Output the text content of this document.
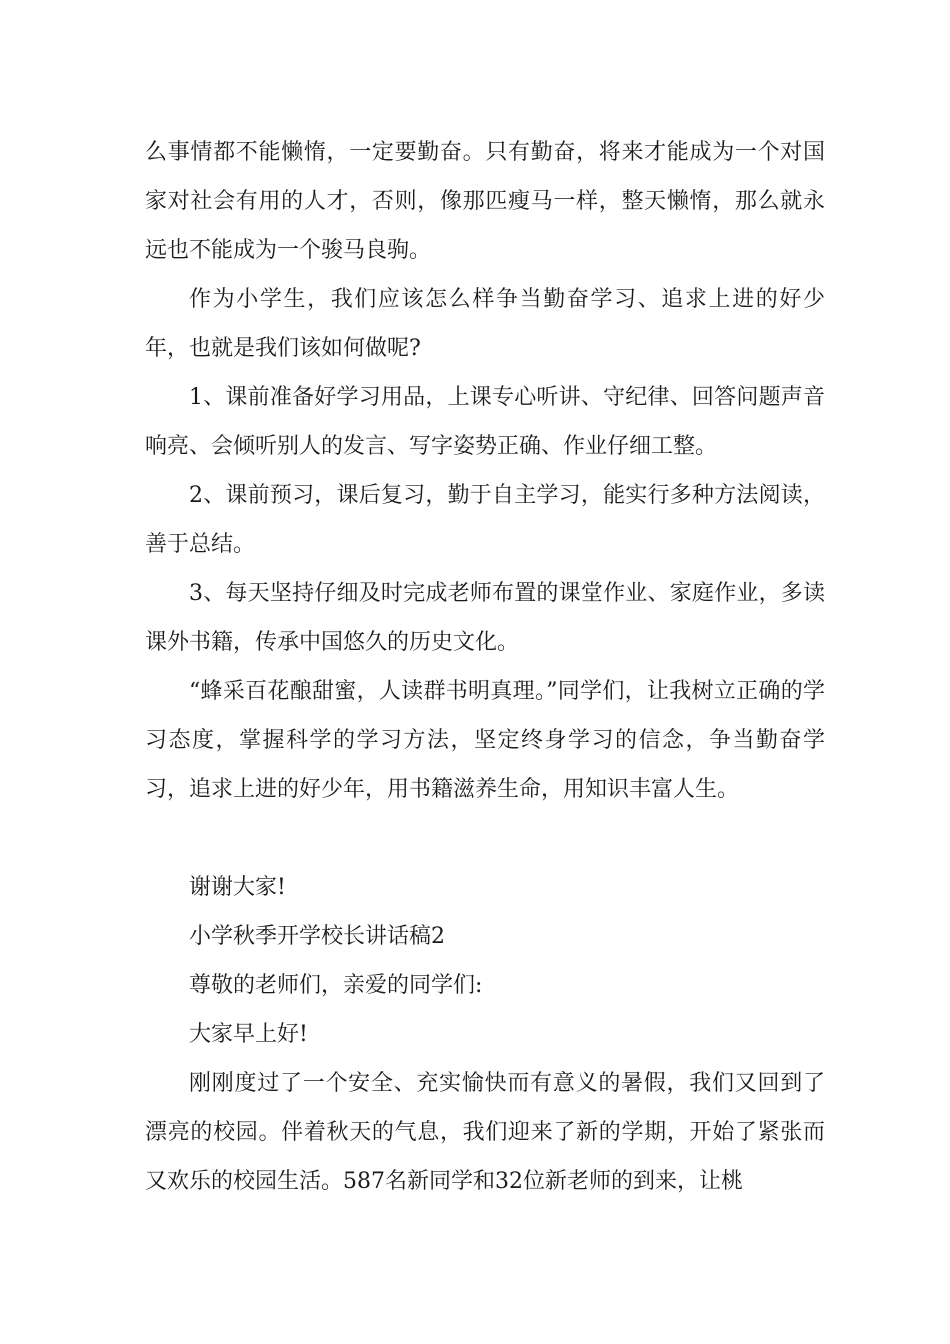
么事情都不能懒惰，一定要勤奋。只有勤奋，将来才能成为一个对国家对社会有用的人才，否则，像那匹瘦马一样，整天懒惰，那么就永远也不能成为一个骏马良驹。

作为小学生，我们应该怎么样争当勤奋学习、追求上进的好少年，也就是我们该如何做呢?

1、课前准备好学习用品，上课专心听讲、守纪律、回答问题声音响亮、会倾听别人的发言、写字姿势正确、作业仔细工整。

2、课前预习，课后复习，勤于自主学习，能实行多种方法阅读，善于总结。

3、每天坚持仔细及时完成老师布置的课堂作业、家庭作业，多读课外书籍，传承中国悠久的历史文化。

“蜂采百花酿甜蜜，人读群书明真理。”同学们，让我树立正确的学习态度，掌握科学的学习方法，坚定终身学习的信念，争当勤奋学习，追求上进的好少年，用书籍滋养生命，用知识丰富人生。

谢谢大家!

小学秋季开学校长讲话稿2

尊敬的老师们，亲爱的同学们:

大家早上好!

刚刚度过了一个安全、充实愉快而有意义的暑假，我们又回到了漂亮的校园。伴着秋天的气息，我们迎来了新的学期，开始了紧张而又欢乐的校园生活。587名新同学和32位新老师的到来，让桃
